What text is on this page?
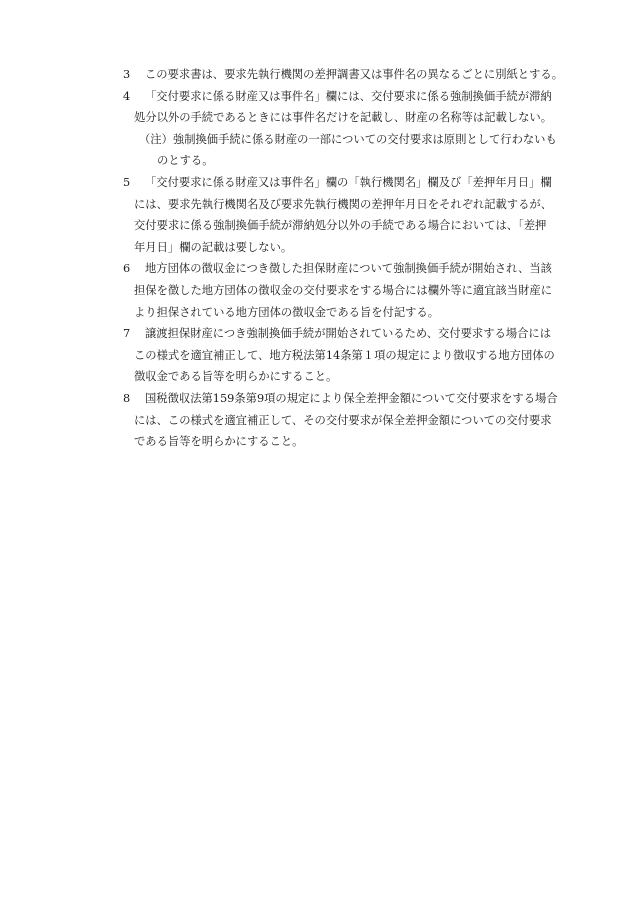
3 この要求書は、要求先執行機関の差押調書又は事件名の異なるごとに別紙とする。
4 「交付要求に係る財産又は事件名」欄には、交付要求に係る強制換価手続が滞納
処分以外の手続であるときには事件名だけを記載し、財産の名称等は記載しない。
（注）強制換価手続に係る財産の一部についての交付要求は原則として行わないも
のとする。
5 「交付要求に係る財産又は事件名」欄の「執行機関名」欄及び「差押年月日」欄
には、要求先執行機関名及び要求先執行機関の差押年月日をそれぞれ記載するが、
交付要求に係る強制換価手続が滞納処分以外の手続である場合においては、「差押
年月日」欄の記載は要しない。
6 地方団体の徴収金につき徴した担保財産について強制換価手続が開始され、当該
担保を徴した地方団体の徴収金の交付要求をする場合には欄外等に適宜該当財産に
より担保されている地方団体の徴収金である旨を付記する。
7 譲渡担保財産につき強制換価手続が開始されているため、交付要求する場合には
この様式を適宜補正して、地方税法第14条第１項の規定により徴収する地方団体の
徴収金である旨等を明らかにすること。
8 国税徴収法第159条第9項の規定により保全差押金額について交付要求をする場合
には、この様式を適宜補正して、その交付要求が保全差押金額についての交付要求
である旨等を明らかにすること。
